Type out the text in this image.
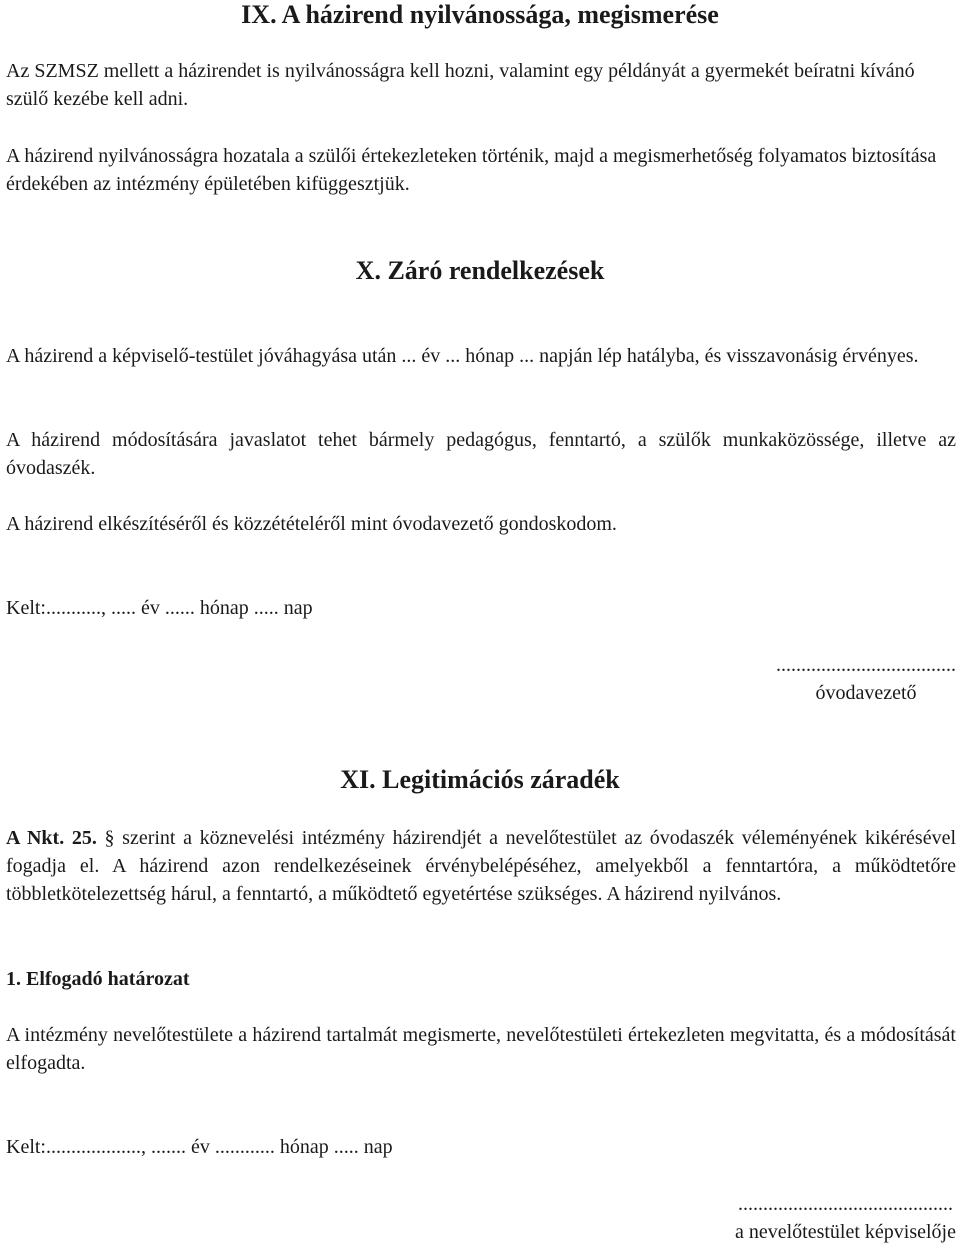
IX. A házirend nyilvánossága, megismerése

Az SZMSZ mellett a házirendet is nyilvánosságra kell hozni, valamint egy példányát a gyermekét beíratni kívánó szülő kezébe kell adni.

A házirend nyilvánosságra hozatala a szülői értekezleteken történik, majd a megismerhetőség folyamatos biztosítása érdekében az intézmény épületében kifüggesztjük.

X. Záró rendelkezések

A házirend a képviselő-testület jóváhagyása után ... év ... hónap ... napján lép hatályba, és visszavonásig érvényes.

A házirend módosítására javaslatot tehet bármely pedagógus, fenntartó, a szülők munkaközössége, illetve az óvodaszék.

A házirend elkészítéséről és közzétételéről mint óvodavezető gondoskodom.

Kelt:..........., ..... év ...... hónap ..... nap

....................................
óvodavezető
XI. Legitimációs záradék

A Nkt. 25. § szerint a köznevelési intézmény házirendjét a nevelőtestület az óvodaszék véleményének kikérésével fogadja el. A házirend azon rendelkezéseinek érvénybelépéséhez, amelyekből a fenntartóra, a működtetőre többletkötelezettség hárul, a fenntartó, a működtető egyetértése szükséges. A házirend nyilvános.

1. Elfogadó határozat

A intézmény nevelőtestülete a házirend tartalmát megismerte, nevelőtestületi értekezleten megvitatta, és a módosítását elfogadta.

Kelt:..................., ....... év ............ hónap ..... nap

...........................................
a nevelőtestület képviselője
